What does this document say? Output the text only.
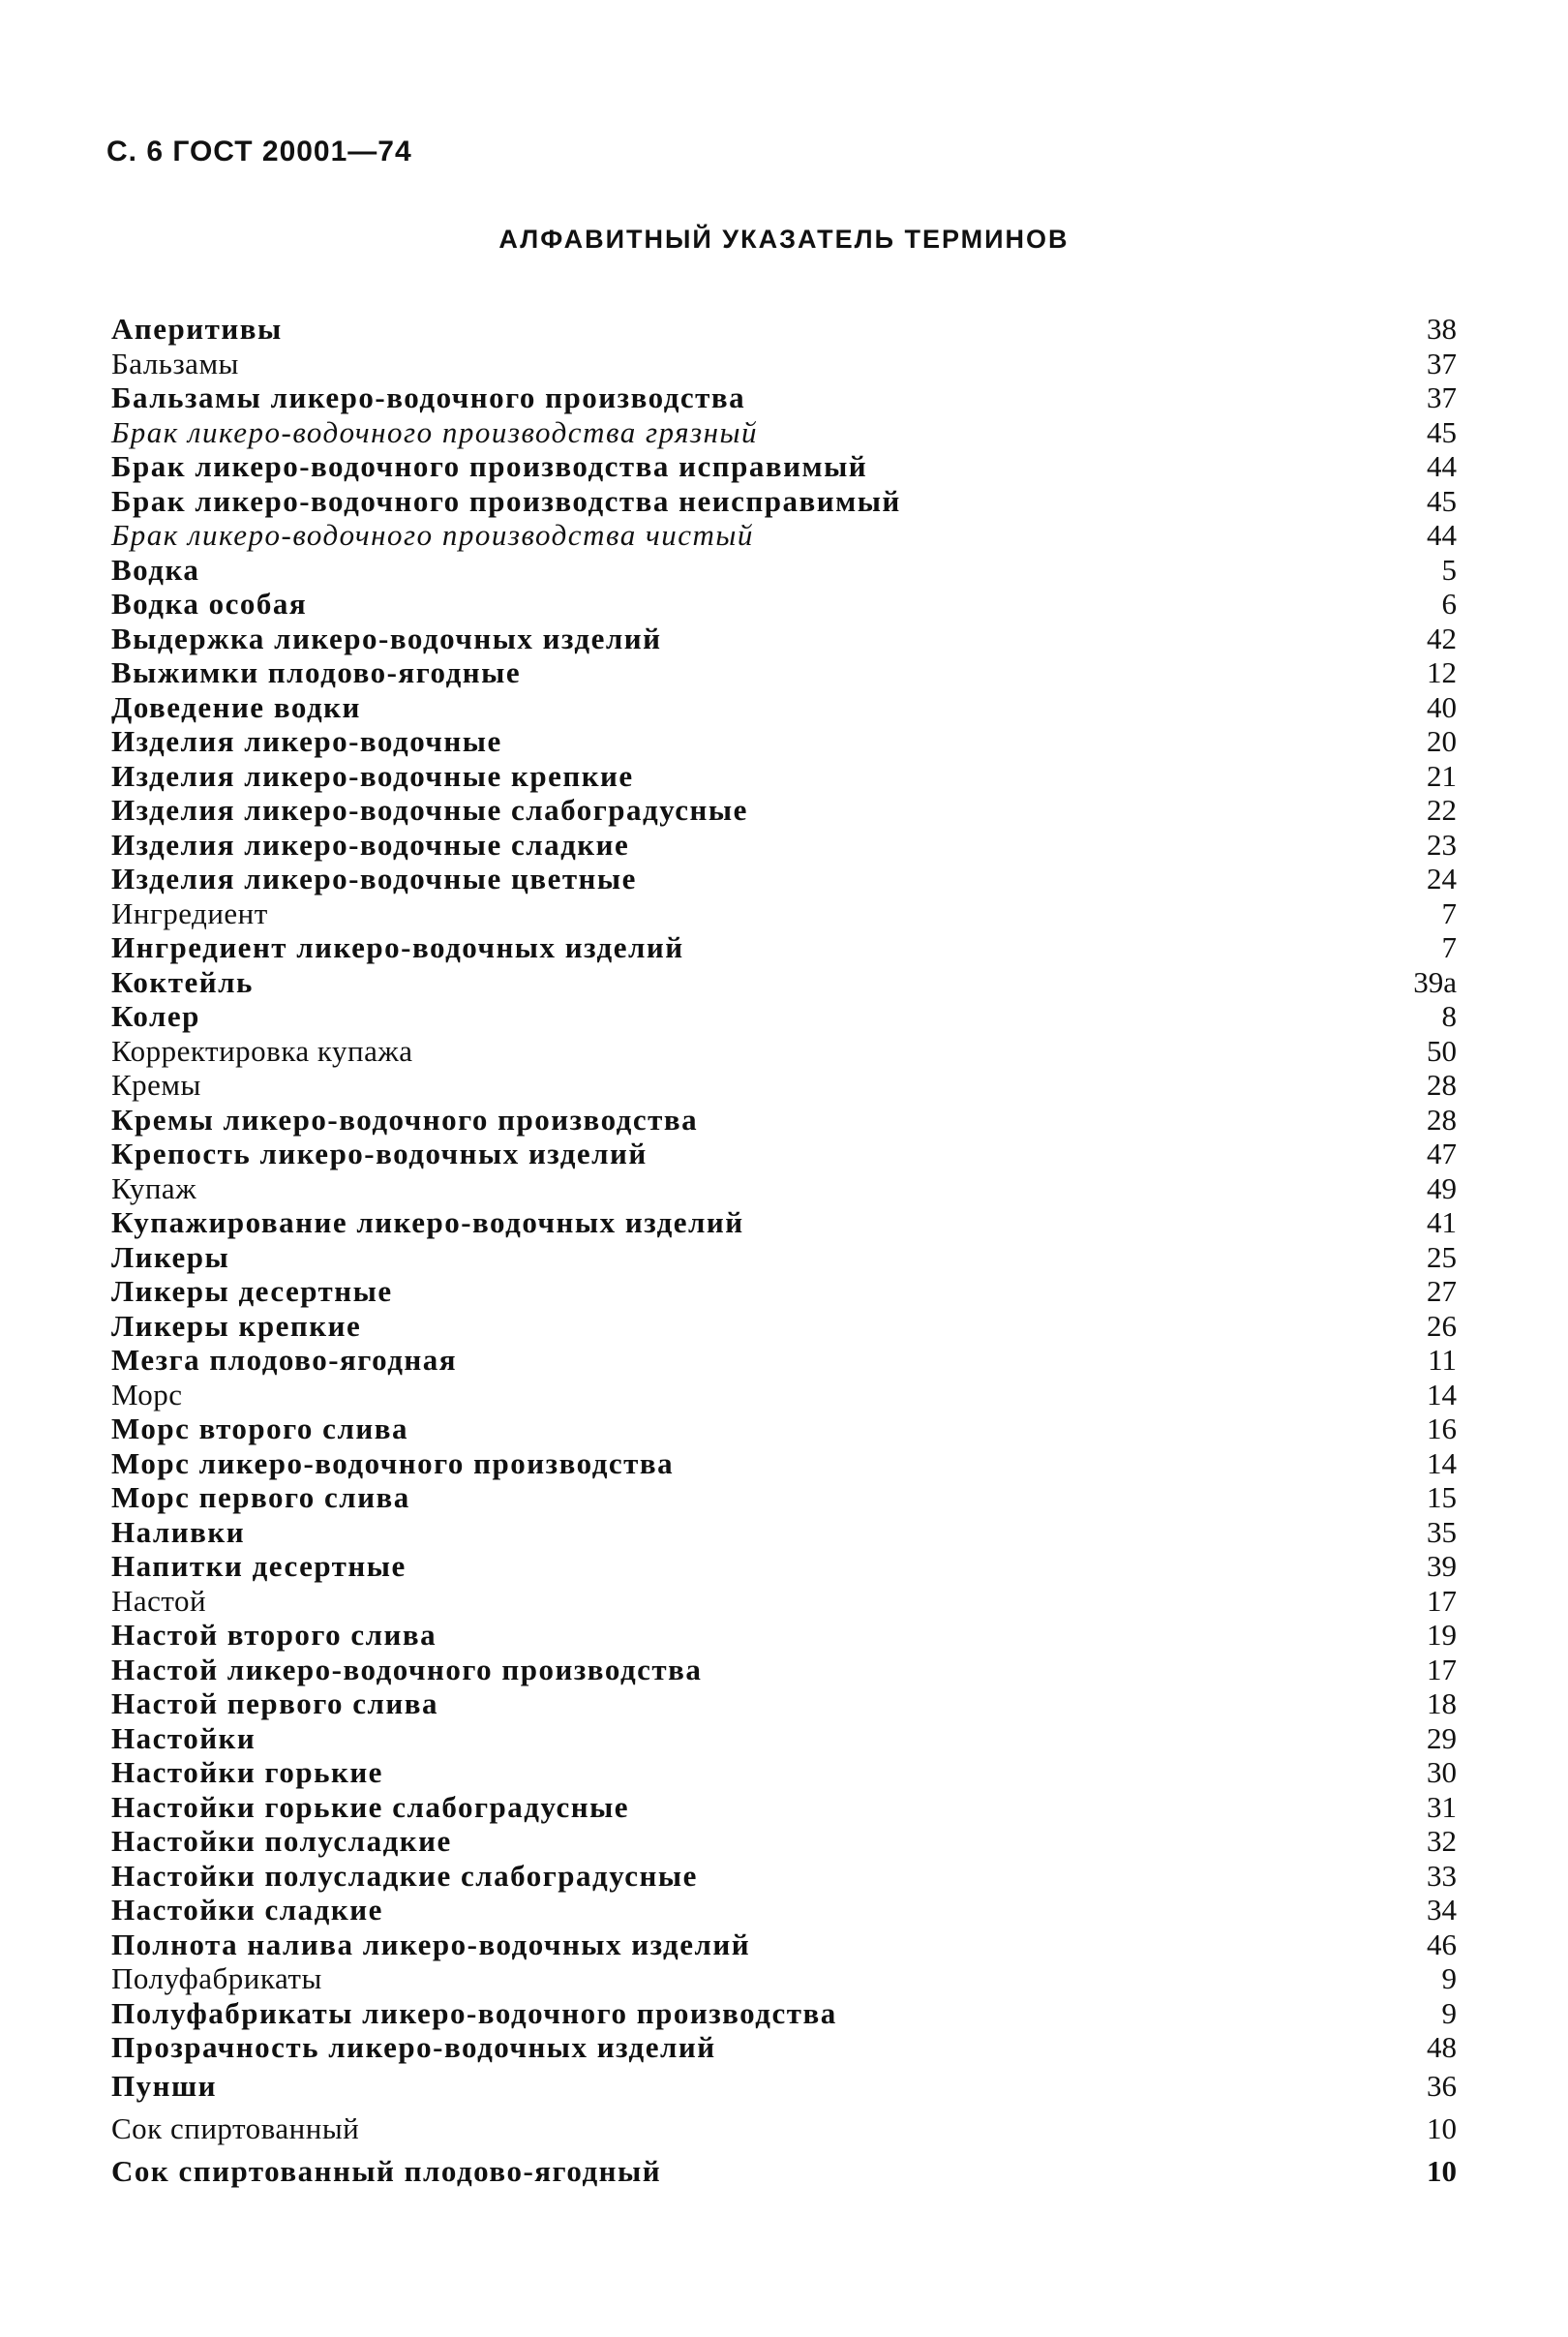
С. 6 ГОСТ 20001—74
АЛФАВИТНЫЙ УКАЗАТЕЛЬ ТЕРМИНОВ
Аперитивы	38
Бальзамы	37
Бальзамы ликеро-водочного производства	37
Брак ликеро-водочного производства грязный	45
Брак ликеро-водочного производства исправимый	44
Брак ликеро-водочного производства неисправимый	45
Брак ликеро-водочного производства чистый	44
Водка	5
Водка особая	6
Выдержка ликеро-водочных изделий	42
Выжимки плодово-ягодные	12
Доведение водки	40
Изделия ликеро-водочные	20
Изделия ликеро-водочные крепкие	21
Изделия ликеро-водочные слабоградусные	22
Изделия ликеро-водочные сладкие	23
Изделия ликеро-водочные цветные	24
Ингредиент	7
Ингредиент ликеро-водочных изделий	7
Коктейль	39а
Колер	8
Корректировка купажа	50
Кремы	28
Кремы ликеро-водочного производства	28
Крепость ликеро-водочных изделий	47
Купаж	49
Купажирование ликеро-водочных изделий	41
Ликеры	25
Ликеры десертные	27
Ликеры крепкие	26
Мезга плодово-ягодная	11
Морс	14
Морс второго слива	16
Морс ликеро-водочного производства	14
Морс первого слива	15
Наливки	35
Напитки десертные	39
Настой	17
Настой второго слива	19
Настой ликеро-водочного производства	17
Настой первого слива	18
Настойки	29
Настойки горькие	30
Настойки горькие слабоградусные	31
Настойки полусладкие	32
Настойки полусладкие слабоградусные	33
Настойки сладкие	34
Полнота налива ликеро-водочных изделий	46
Полуфабрикаты	9
Полуфабрикаты ликеро-водочного производства	9
Прозрачность ликеро-водочных изделий	48
Пунши	36
Сок спиртованный	10
Сок спиртованный плодово-ягодный	10
